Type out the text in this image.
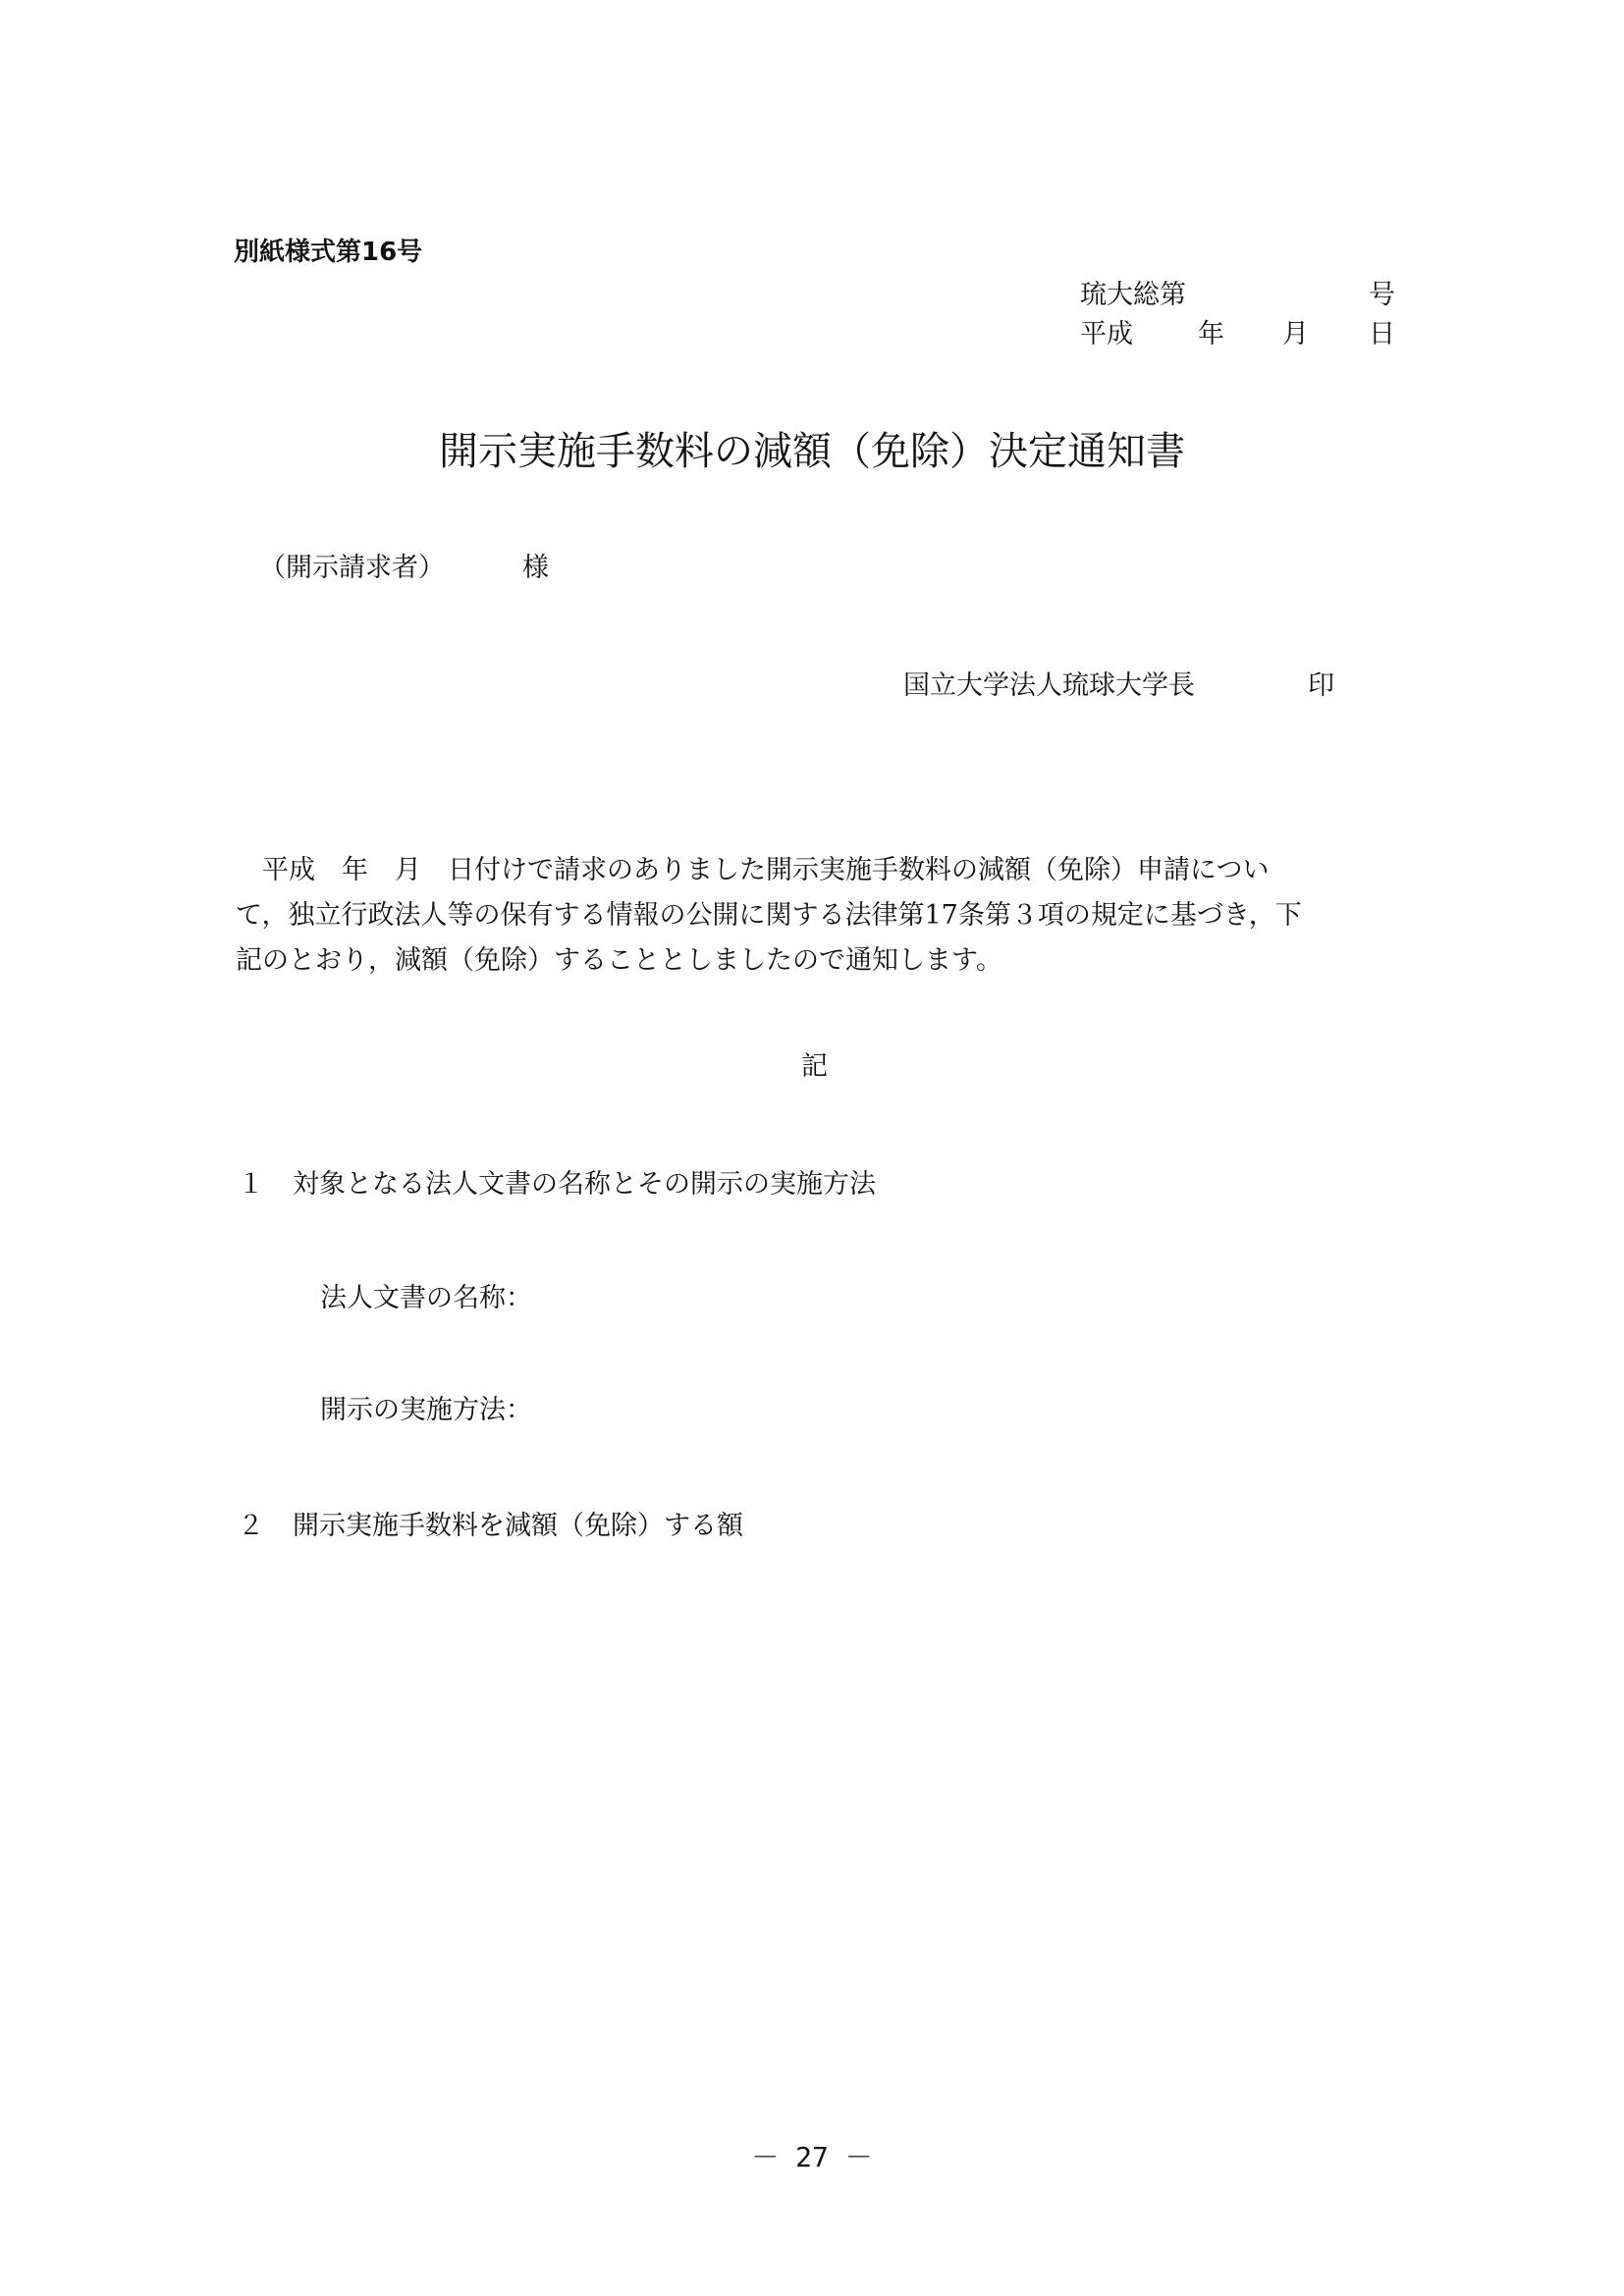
別紙様式第16号
琉大総第	号
平成 年 月 日
開示実施手数料の減額（免除）決定通知書
（開示請求者）	様
国立大学法人琉球大学長	印

平成　年　月　日付けで請求のありました開示実施手数料の減額（免除）申請につい

て，独立行政法人等の保有する情報の公開に関する法律第17条第３項の規定に基づき，下

記のとおり，減額（免除）することとしましたので通知します。

記
１ 対象となる法人文書の名称とその開示の実施方法
法人文書の名称：
開示の実施方法：
２ 開示実施手数料を減額（免除）する額
－ 27 －
